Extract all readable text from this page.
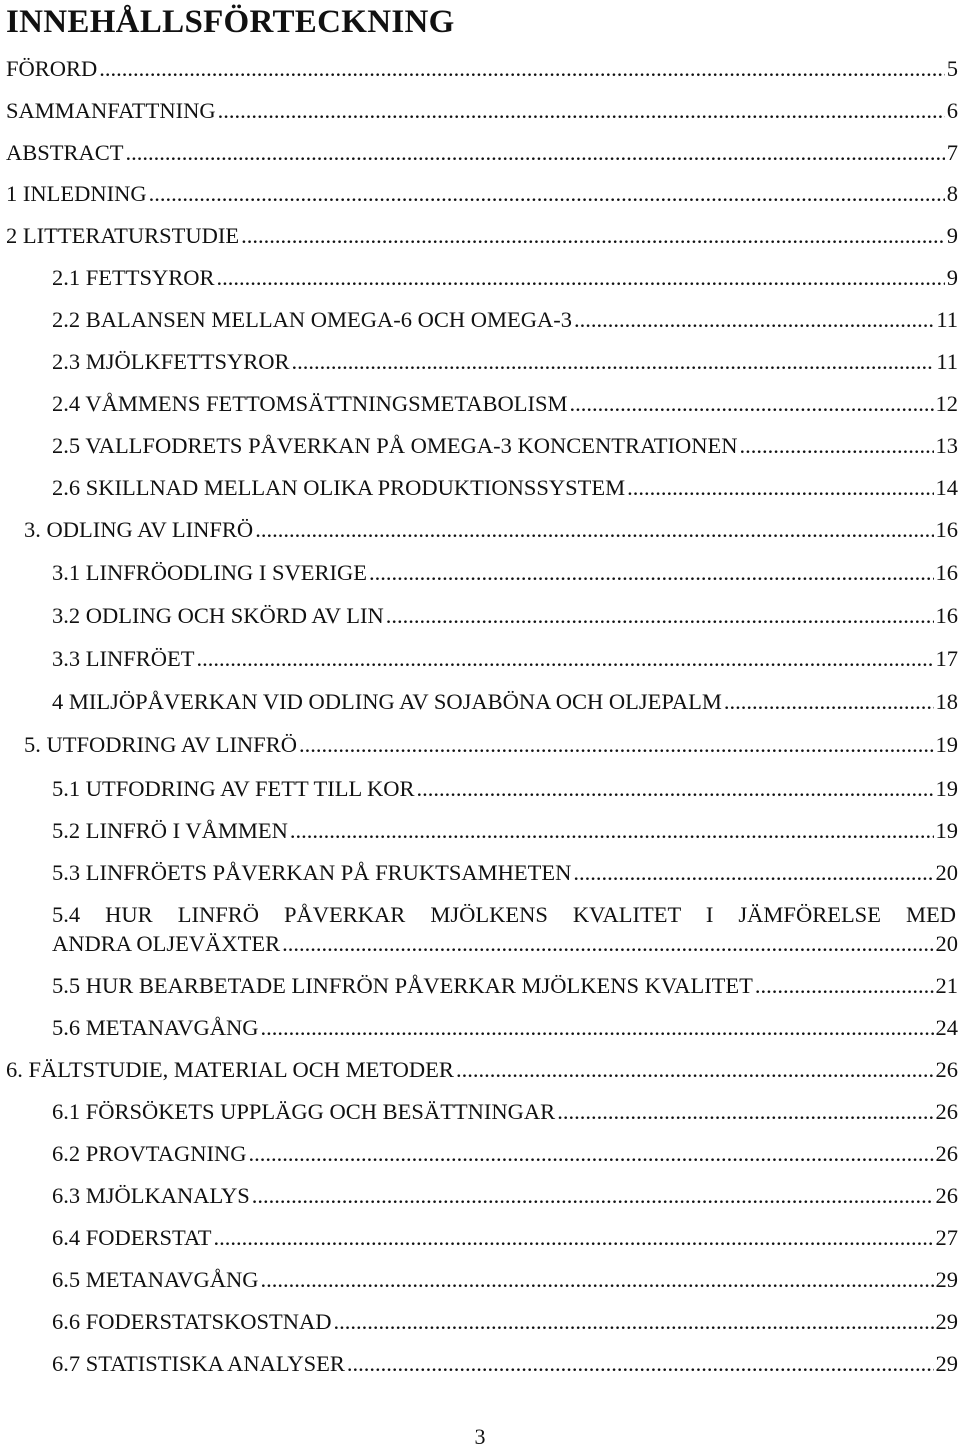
INNEHÅLLSFÖRTECKNING
FÖRORD .....	5
SAMMANFATTNING .....	6
ABSTRACT .....	7
1 INLEDNING .....	8
2 LITTERATURSTUDIE .....	9
2.1 FETTSYROR .....	9
2.2 BALANSEN MELLAN OMEGA-6 OCH OMEGA-3 .....	11
2.3 MJÖLKFETTSYROR .....	11
2.4 VÅMMENS FETTOMSÄTTNINGSMETABOLISM .....	12
2.5 VALLFODRETS PÅVERKAN PÅ OMEGA-3 KONCENTRATIONEN .....	13
2.6 SKILLNAD MELLAN OLIKA PRODUKTIONSSYSTEM .....	14
3. ODLING AV LINFRÖ .....	16
3.1 LINFRÖODLING I SVERIGE .....	16
3.2 ODLING OCH SKÖRD AV LIN .....	16
3.3 LINFRÖET .....	17
4 MILJÖPÅVERKAN VID ODLING AV SOJABÖNA OCH OLJEPALM .....	18
5. UTFODRING AV LINFRÖ .....	19
5.1 UTFODRING AV FETT TILL KOR .....	19
5.2 LINFRÖ I VÅMMEN .....	19
5.3 LINFRÖETS PÅVERKAN PÅ FRUKTSAMHETEN .....	20
5.4 HUR LINFRÖ PÅVERKAR MJÖLKENS KVALITET I JÄMFÖRELSE MED
ANDRA OLJEVÄXTER .....	20
5.5 HUR BEARBETADE LINFRÖN PÅVERKAR MJÖLKENS KVALITET .....	21
5.6 METANAVGÅNG .....	24
6. FÄLTSTUDIE, MATERIAL OCH METODER .....	26
6.1 FÖRSÖKETS UPPLÄGG OCH BESÄTTNINGAR .....	26
6.2 PROVTAGNING .....	26
6.3 MJÖLKANALYS .....	26
6.4 FODERSTAT .....	27
6.5 METANAVGÅNG .....	29
6.6 FODERSTATSKOSTNAD .....	29
6.7 STATISTISKA ANALYSER .....	29
3
